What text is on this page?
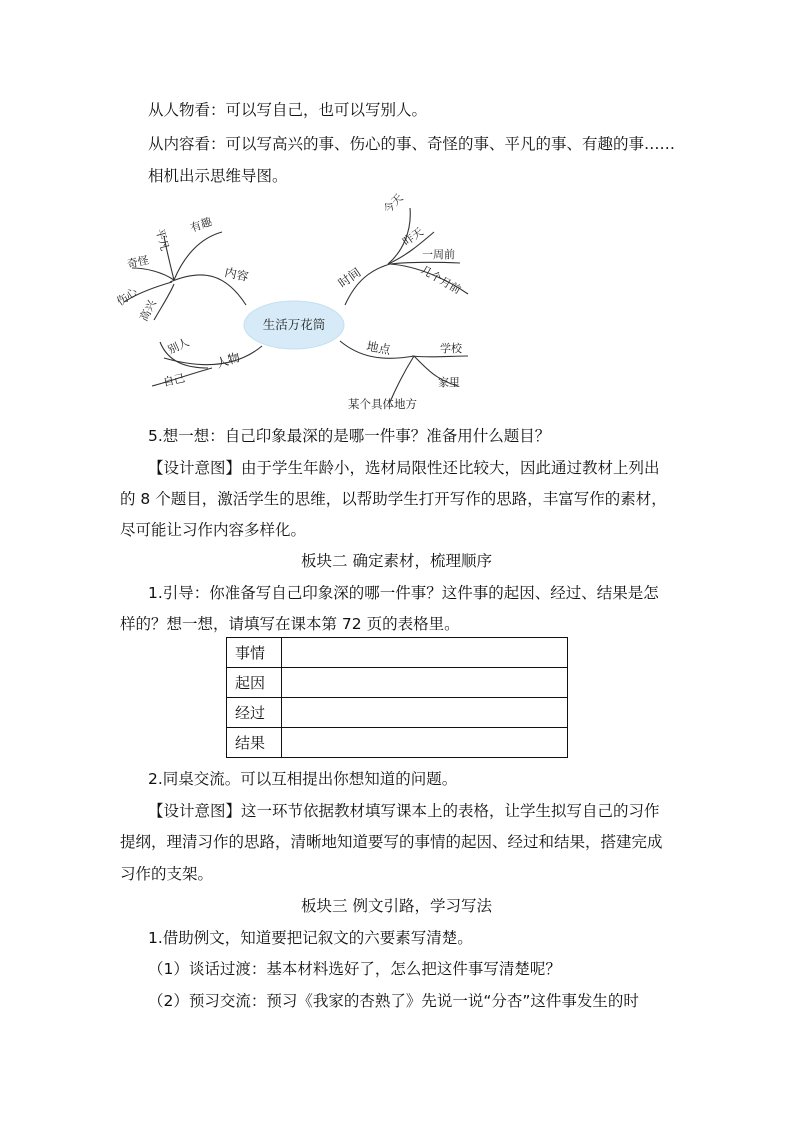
从人物看：可以写自己，也可以写别人。
从内容看：可以写高兴的事、伤心的事、奇怪的事、平凡的事、有趣的事……
相机出示思维导图。
生活万花筒
内容
平凡
有趣
奇怪
伤心
高兴
时间
今天
昨天
一周前
几个月前
人物
别人
自己
地点	学校
家里
某个具体地方
5.想一想：自己印象最深的是哪一件事？准备用什么题目？
【设计意图】由于学生年龄小，选材局限性还比较大，因此通过教材上列出
的 8 个题目，激活学生的思维，以帮助学生打开写作的思路，丰富写作的素材，
尽可能让习作内容多样化。
板块二 确定素材，梳理顺序
1.引导：你准备写自己印象深的哪一件事？这件事的起因、经过、结果是怎
样的？想一想，请填写在课本第 72 页的表格里。
事情	
起因	
经过	
结果	
2.同桌交流。可以互相提出你想知道的问题。
【设计意图】这一环节依据教材填写课本上的表格，让学生拟写自己的习作
提纲，理清习作的思路，清晰地知道要写的事情的起因、经过和结果，搭建完成
习作的支架。
板块三 例文引路，学习写法
1.借助例文，知道要把记叙文的六要素写清楚。
（1）谈话过渡：基本材料选好了，怎么把这件事写清楚呢？
（2）预习交流：预习《我家的杏熟了》先说一说“分杏”这件事发生的时
